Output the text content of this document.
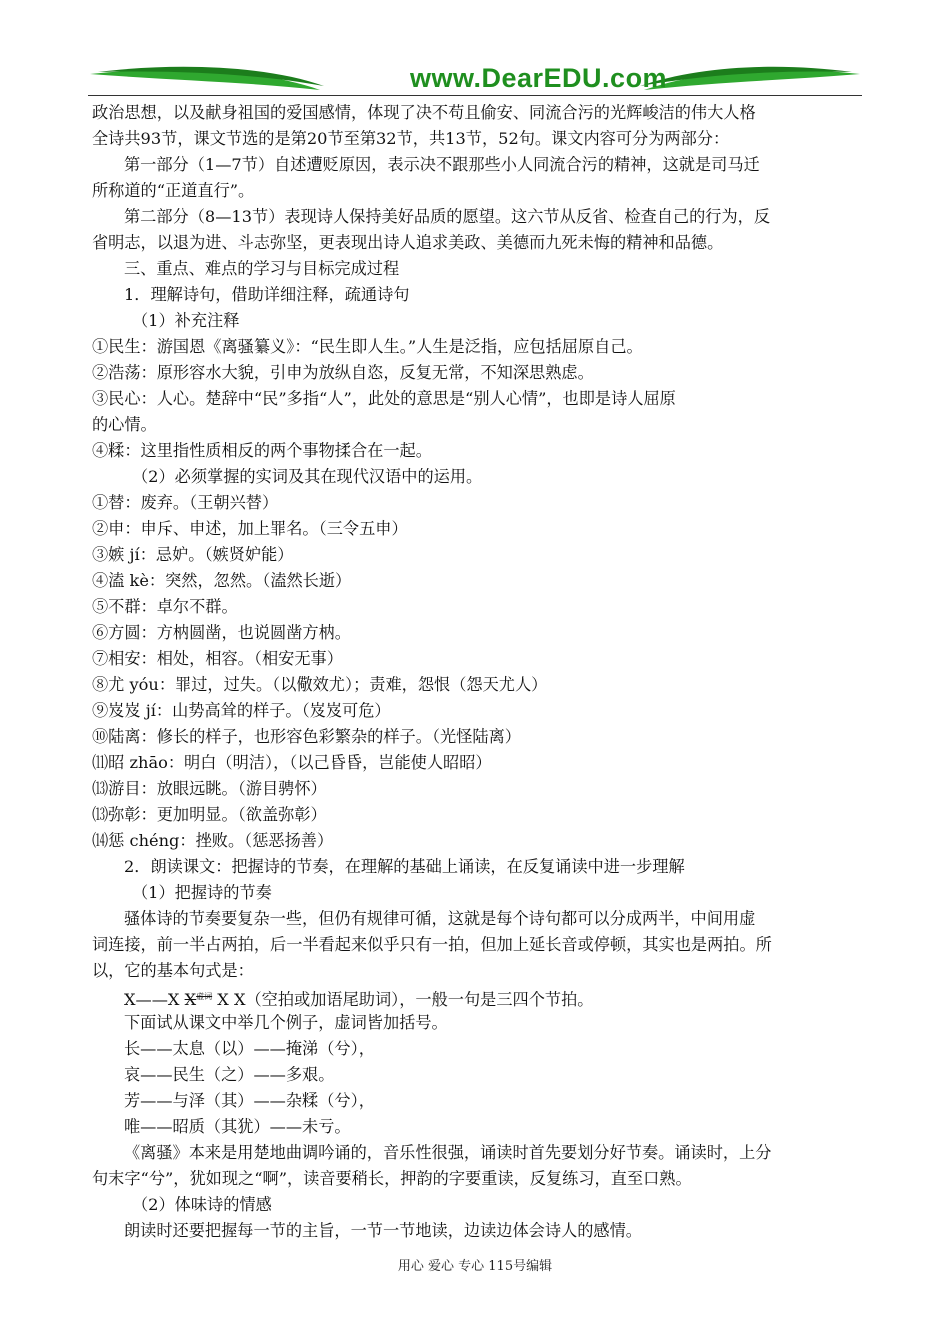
www.DearEDU.com
政治思想，以及献身祖国的爱国感情，体现了决不苟且偷安、同流合污的光辉峻洁的伟大人格
全诗共93节，课文节选的是第20节至第32节，共13节，52句。课文内容可分为两部分：
第一部分（1—7节）自述遭贬原因，表示决不跟那些小人同流合污的精神，这就是司马迁
所称道的“正道直行”。
第二部分（8—13节）表现诗人保持美好品质的愿望。这六节从反省、检查自己的行为，反
省明志，以退为进、斗志弥坚，更表现出诗人追求美政、美德而九死未悔的精神和品德。
三、重点、难点的学习与目标完成过程
1．理解诗句，借助详细注释，疏通诗句
（1）补充注释
①民生：游国恩《离骚纂义》：“民生即人生。”人生是泛指，应包括屈原自己。
②浩荡：原形容水大貌，引申为放纵自恣，反复无常，不知深思熟虑。
③民心：人心。楚辞中“民”多指“人”，此处的意思是“别人心情”，也即是诗人屈原
的心情。
④糅：这里指性质相反的两个事物揉合在一起。
（2）必须掌握的实词及其在现代汉语中的运用。
①替：废弃。（王朝兴替）
②申：申斥、申述，加上罪名。（三令五申）
③嫉 jí：忌妒。（嫉贤妒能）
④溘 kè：突然，忽然。（溘然长逝）
⑤不群：卓尔不群。
⑥方圆：方枘圆凿，也说圆凿方枘。
⑦相安：相处，相容。（相安无事）
⑧尤 yóu：罪过，过失。（以儆效尤）；责难，怨恨（怨天尤人）
⑨岌岌 jí：山势高耸的样子。（岌岌可危）
⑩陆离：修长的样子，也形容色彩繁杂的样子。（光怪陆离）
⑾昭 zhāo：明白（明洁），（以己昏昏，岂能使人昭昭）
⒀游目：放眼远眺。（游目骋怀）
⒀弥彰：更加明显。（欲盖弥彰）
⒁惩 chéng：挫败。（惩恶扬善）
2．朗读课文：把握诗的节奏，在理解的基础上诵读，在反复诵读中进一步理解
（1）把握诗的节奏
骚体诗的节奏要复杂一些，但仍有规律可循，这就是每个诗句都可以分成两半，中间用虚
词连接，前一半占两拍，后一半看起来似乎只有一拍，但加上延长音或停顿，其实也是两拍。所
以，它的基本句式是：
X——X $X^{虚词}$ X X（空拍或加语尾助词），一般一句是三四个节拍。
下面试从课文中举几个例子，虚词皆加括号。
长——太息（以）——掩涕（兮），
哀——民生（之）——多艰。
芳——与泽（其）——杂糅（兮），
唯——昭质（其犹）——未亏。
《离骚》本来是用楚地曲调吟诵的，音乐性很强，诵读时首先要划分好节奏。诵读时，上分
句末字“兮”，犹如现之“啊”，读音要稍长，押韵的字要重读，反复练习，直至口熟。
（2）体味诗的情感
朗读时还要把握每一节的主旨，一节一节地读，边读边体会诗人的感情。
用心 爱心 专心 115号编辑
